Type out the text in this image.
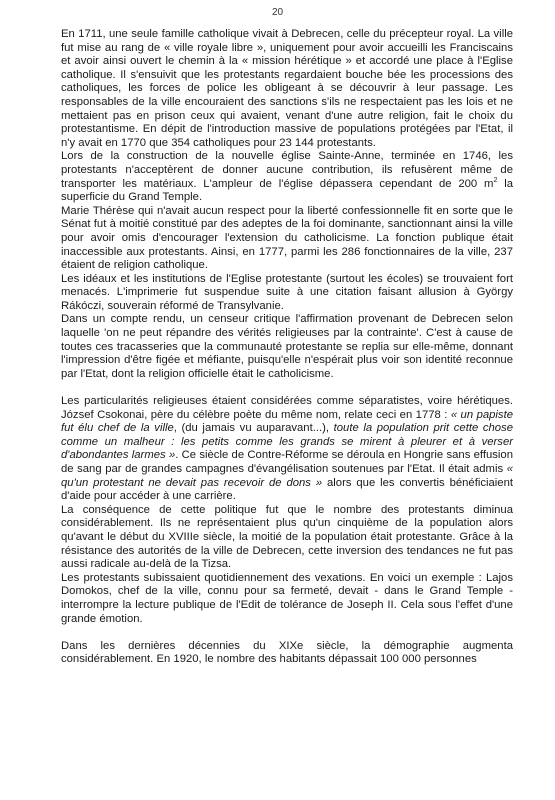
20

En 1711, une seule famille catholique vivait à Debrecen, celle du précepteur royal. La ville fut mise au rang de « ville royale libre », uniquement pour avoir accueilli les Franciscains et avoir ainsi ouvert le chemin à la « mission hérétique » et accordé une place à l'Eglise catholique. Il s'ensuivit que les protestants regardaient bouche bée les processions des catholiques, les forces de police les obligeant à se découvrir à leur passage. Les responsables de la ville encouraient des sanctions s'ils ne respectaient pas les lois et ne mettaient pas en prison ceux qui avaient, venant d'une autre religion, fait le choix du protestantisme. En dépit de l'introduction massive de populations protégées par l'Etat, il n'y avait en 1770 que 354 catholiques pour 23 144 protestants.

Lors de la construction de la nouvelle église Sainte-Anne, terminée en 1746, les protestants n'acceptèrent de donner aucune contribution, ils refusèrent même de transporter les matériaux. L'ampleur de l'église dépassera cependant de 200 $m^2$ la superficie du Grand Temple.

Marie Thérèse qui n'avait aucun respect pour la liberté confessionnelle fit en sorte que le Sénat fut à moitié constitué par des adeptes de la foi dominante, sanctionnant ainsi la ville pour avoir omis d'encourager l'extension du catholicisme. La fonction publique était inaccessible aux protestants. Ainsi, en 1777, parmi les 286 fonctionnaires de la ville, 237 étaient de religion catholique.

Les idéaux et les institutions de l'Eglise protestante (surtout les écoles) se trouvaient fort menacés. L'imprimerie fut suspendue suite à une citation faisant allusion à György Rákóczi, souverain réformé de Transylvanie.

Dans un compte rendu, un censeur critique l'affirmation provenant de Debrecen selon laquelle 'on ne peut répandre des vérités religieuses par la contrainte'. C'est à cause de toutes ces tracasseries que la communauté protestante se replia sur elle-même, donnant l'impression d'être figée et méfiante, puisqu'elle n'espérait plus voir son identité reconnue par l'Etat, dont la religion officielle était le catholicisme.

Les particularités religieuses étaient considérées comme séparatistes, voire hérétiques. József Csokonai, père du célèbre poète du même nom, relate ceci en 1778 : « un papiste fut élu chef de la ville, (du jamais vu auparavant...), toute la population prit cette chose comme un malheur : les petits comme les grands se mirent à pleurer et à verser d'abondantes larmes ». Ce siècle de Contre-Réforme se déroula en Hongrie sans effusion de sang par de grandes campagnes d'évangélisation soutenues par l'Etat. Il était admis « qu'un protestant ne devait pas recevoir de dons » alors que les convertis bénéficiaient d'aide pour accéder à une carrière.

La conséquence de cette politique fut que le nombre des protestants diminua considérablement. Ils ne représentaient plus qu'un cinquième de la population alors qu'avant le début du XVIIIe siècle, la moitié de la population était protestante. Grâce à la résistance des autorités de la ville de Debrecen, cette inversion des tendances ne fut pas aussi radicale au-delà de la Tizsa.

Les protestants subissaient quotidiennement des vexations. En voici un exemple : Lajos Domokos, chef de la ville, connu pour sa fermeté, devait - dans le Grand Temple - interrompre la lecture publique de l'Edit de tolérance de Joseph II. Cela sous l'effet d'une grande émotion.

Dans les dernières décennies du XIXe siècle, la démographie augmenta considérablement. En 1920, le nombre des habitants dépassait 100 000 personnes
